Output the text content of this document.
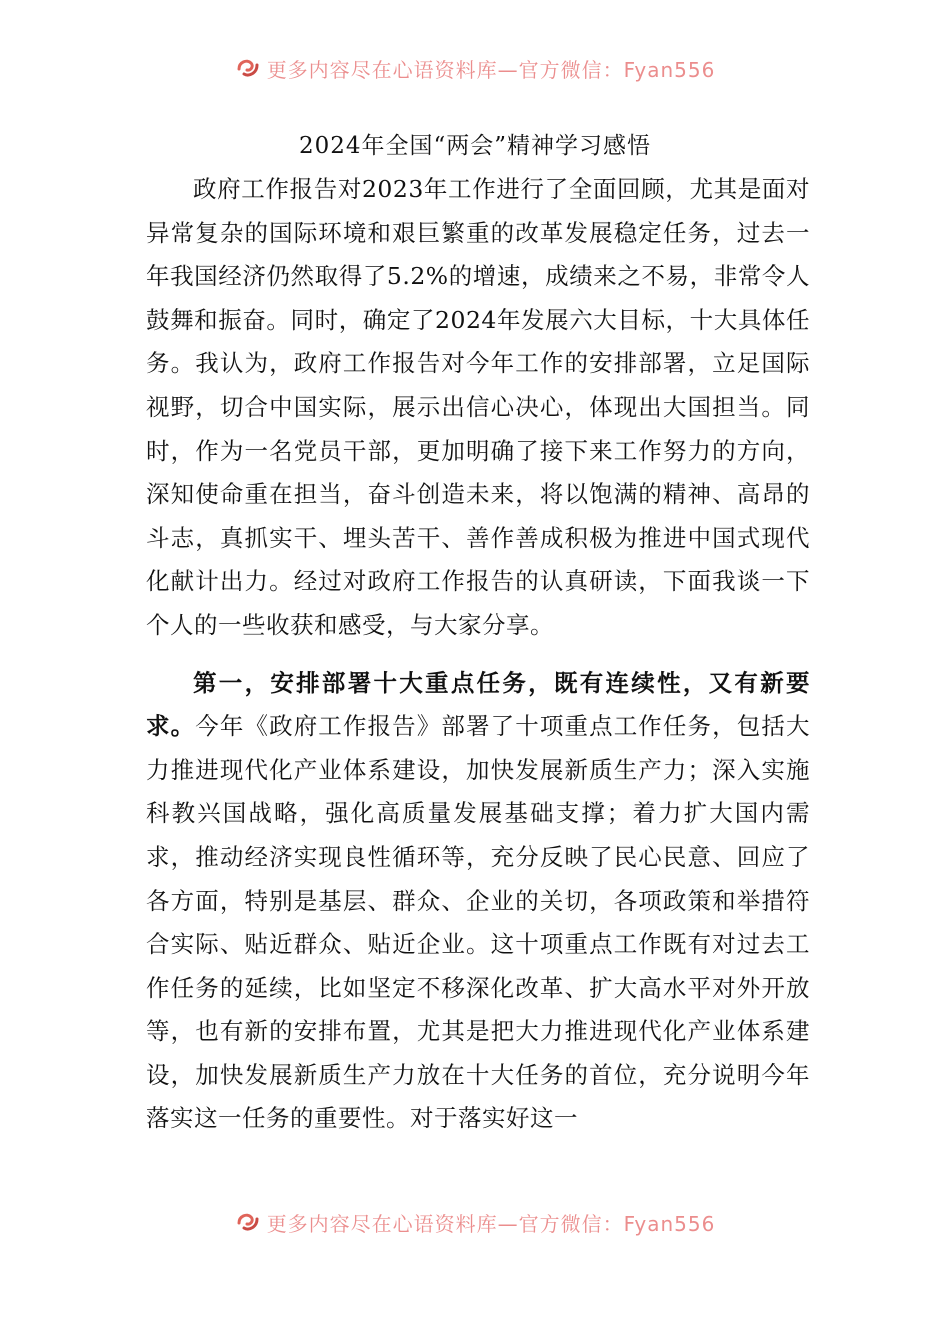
更多内容尽在心语资料库—官方微信：Fyan556
2024年全国“两会”精神学习感悟

政府工作报告对2023年工作进行了全面回顾，尤其是面对异常复杂的国际环境和艰巨繁重的改革发展稳定任务，过去一年我国经济仍然取得了5.2%的增速，成绩来之不易，非常令人鼓舞和振奋。同时，确定了2024年发展六大目标，十大具体任务。我认为，政府工作报告对今年工作的安排部署，立足国际视野，切合中国实际，展示出信心决心，体现出大国担当。同时，作为一名党员干部，更加明确了接下来工作努力的方向，深知使命重在担当，奋斗创造未来，将以饱满的精神、高昂的斗志，真抓实干、埋头苦干、善作善成积极为推进中国式现代化献计出力。经过对政府工作报告的认真研读，下面我谈一下个人的一些收获和感受，与大家分享。

第一，安排部署十大重点任务，既有连续性，又有新要求。今年《政府工作报告》部署了十项重点工作任务，包括大力推进现代化产业体系建设，加快发展新质生产力；深入实施科教兴国战略，强化高质量发展基础支撑；着力扩大国内需求，推动经济实现良性循环等，充分反映了民心民意、回应了各方面，特别是基层、群众、企业的关切，各项政策和举措符合实际、贴近群众、贴近企业。这十项重点工作既有对过去工作任务的延续，比如坚定不移深化改革、扩大高水平对外开放等，也有新的安排布置，尤其是把大力推进现代化产业体系建设，加快发展新质生产力放在十大任务的首位，充分说明今年落实这一任务的重要性。对于落实好这一

更多内容尽在心语资料库—官方微信：Fyan556
